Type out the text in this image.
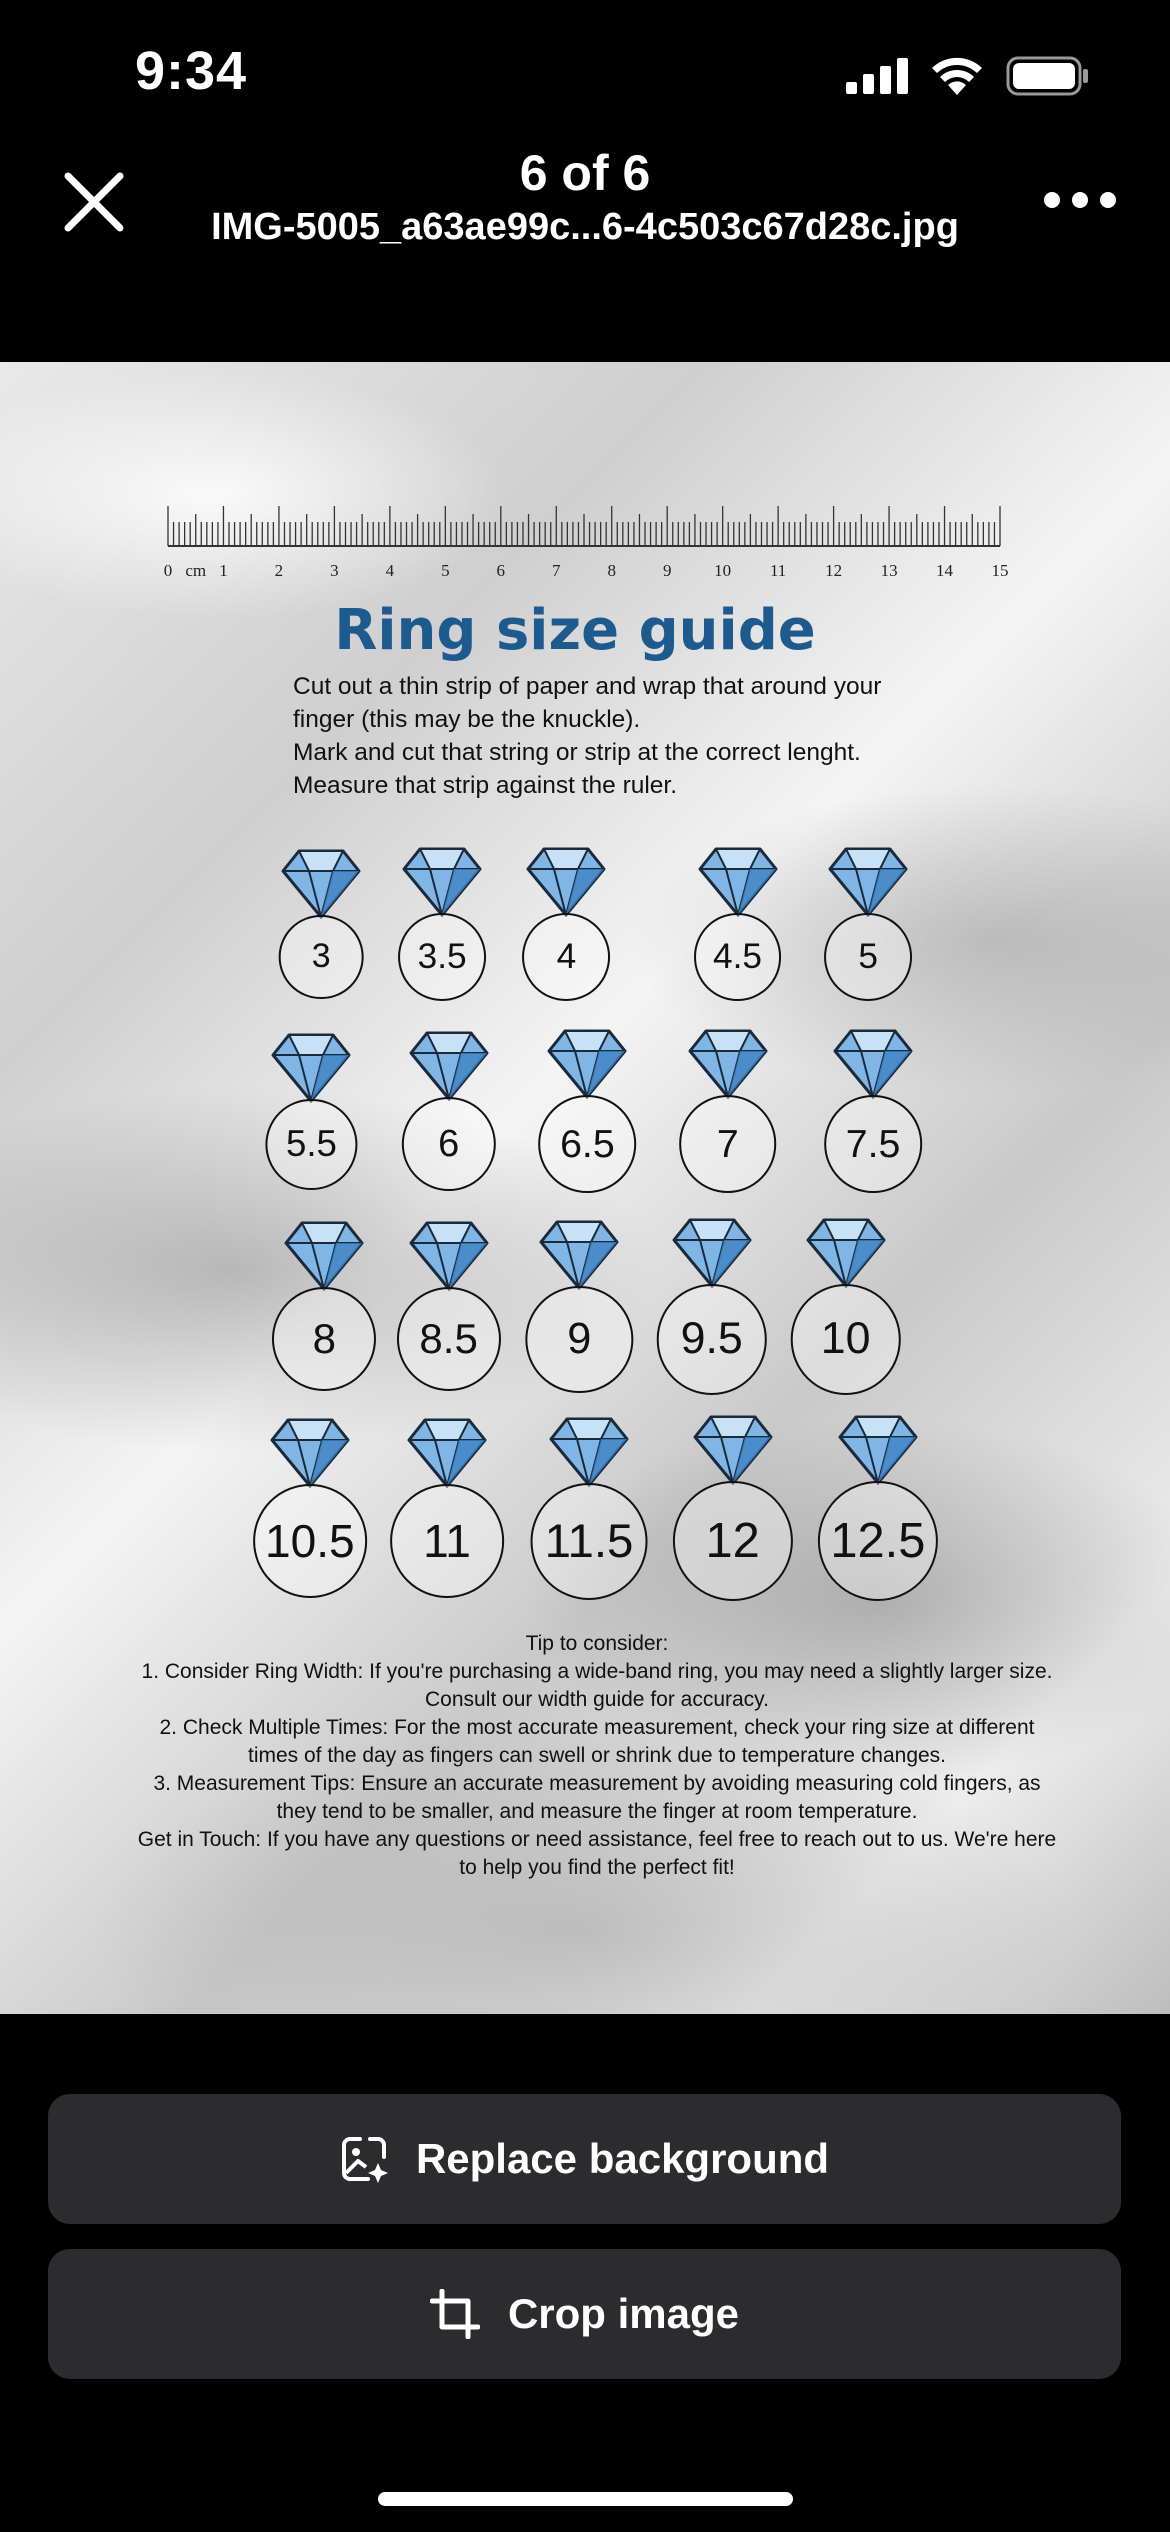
9:34
6 of 6
IMG-5005_a63ae99c...6-4c503c67d28c.jpg
0	1	2	3	4	5	6	7	8	9	10 11 12 13 14 15
cm
Ring size guide
Cut out a thin strip of paper and wrap that around your
finger (this may be the knuckle).
Mark and cut that string or strip at the correct lenght.
Measure that strip against the ruler.
3	3.5	4	4.5	5
5.5	6	6.5	7	7.5
8	8.5	9	9.5	10
10.5	11	11.5	12	12.5

Tip to consider:

1. Consider Ring Width: If you're purchasing a wide-band ring, you may need a slightly larger size. Consult our width guide for accuracy.

2. Check Multiple Times: For the most accurate measurement, check your ring size at different times of the day as fingers can swell or shrink due to temperature changes.

3. Measurement Tips: Ensure an accurate measurement by avoiding measuring cold fingers, as they tend to be smaller, and measure the finger at room temperature.

Get in Touch: If you have any questions or need assistance, feel free to reach out to us. We're here to help you find the perfect fit!

Replace background
Crop image
